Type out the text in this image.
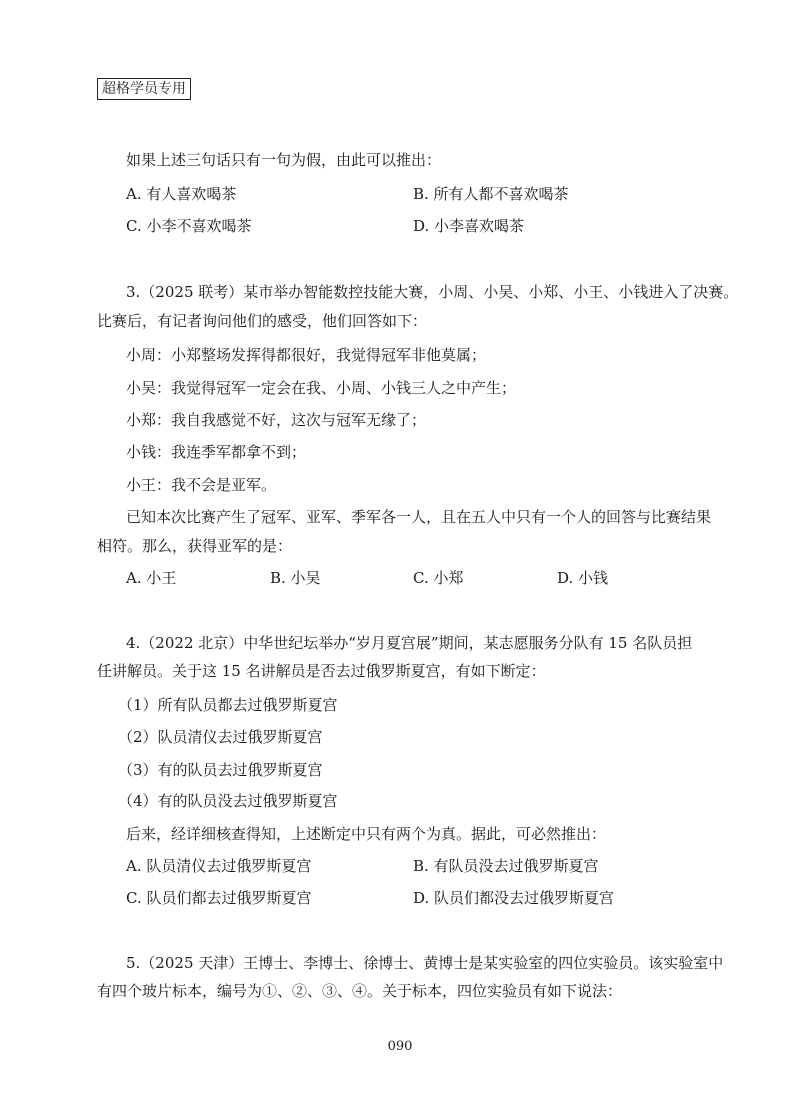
超格学员专用
如果上述三句话只有一句为假，由此可以推出：
A. 有人喜欢喝茶	B. 所有人都不喜欢喝茶
C. 小李不喜欢喝茶	D. 小李喜欢喝茶
3.（2025 联考）某市举办智能数控技能大赛，小周、小吴、小郑、小王、小钱进入了决赛。
比赛后，有记者询问他们的感受，他们回答如下：
小周：小郑整场发挥得都很好，我觉得冠军非他莫属；
小吴：我觉得冠军一定会在我、小周、小钱三人之中产生；
小郑：我自我感觉不好，这次与冠军无缘了；
小钱：我连季军都拿不到；
小王：我不会是亚军。
已知本次比赛产生了冠军、亚军、季军各一人，且在五人中只有一个人的回答与比赛结果
相符。那么，获得亚军的是：
A. 小王	B. 小吴	C. 小郑	D. 小钱
4.（2022 北京）中华世纪坛举办“岁月夏宫展”期间，某志愿服务分队有 15 名队员担
任讲解员。关于这 15 名讲解员是否去过俄罗斯夏宫，有如下断定：
（1）所有队员都去过俄罗斯夏宫
（2）队员清仪去过俄罗斯夏宫
（3）有的队员去过俄罗斯夏宫
（4）有的队员没去过俄罗斯夏宫
后来，经详细核查得知，上述断定中只有两个为真。据此，可必然推出：
A. 队员清仪去过俄罗斯夏宫	B. 有队员没去过俄罗斯夏宫
C. 队员们都去过俄罗斯夏宫	D. 队员们都没去过俄罗斯夏宫
5.（2025 天津）王博士、李博士、徐博士、黄博士是某实验室的四位实验员。该实验室中
有四个玻片标本，编号为①、②、③、④。关于标本，四位实验员有如下说法：
090
